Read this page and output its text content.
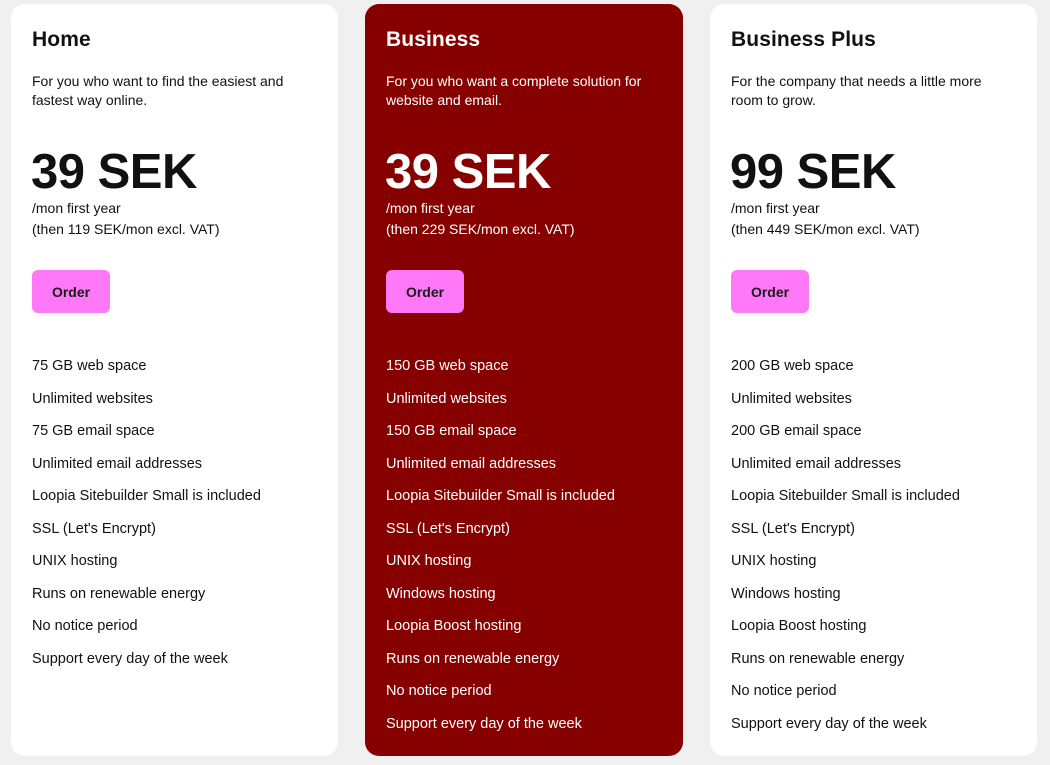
Home

For you who want to find the easiest and fastest way online.

39 SEK
/mon first year
(then 119 SEK/mon excl. VAT)
Order
75 GB web space
Unlimited websites
75 GB email space
Unlimited email addresses
Loopia Sitebuilder Small is included
SSL (Let's Encrypt)
UNIX hosting
Runs on renewable energy
No notice period
Support every day of the week
Business

For you who want a complete solution for website and email.

39 SEK
/mon first year
(then 229 SEK/mon excl. VAT)
Order
150 GB web space
Unlimited websites
150 GB email space
Unlimited email addresses
Loopia Sitebuilder Small is included
SSL (Let's Encrypt)
UNIX hosting
Windows hosting
Loopia Boost hosting
Runs on renewable energy
No notice period
Support every day of the week
Business Plus

For the company that needs a little more room to grow.

99 SEK
/mon first year
(then 449 SEK/mon excl. VAT)
Order
200 GB web space
Unlimited websites
200 GB email space
Unlimited email addresses
Loopia Sitebuilder Small is included
SSL (Let's Encrypt)
UNIX hosting
Windows hosting
Loopia Boost hosting
Runs on renewable energy
No notice period
Support every day of the week
